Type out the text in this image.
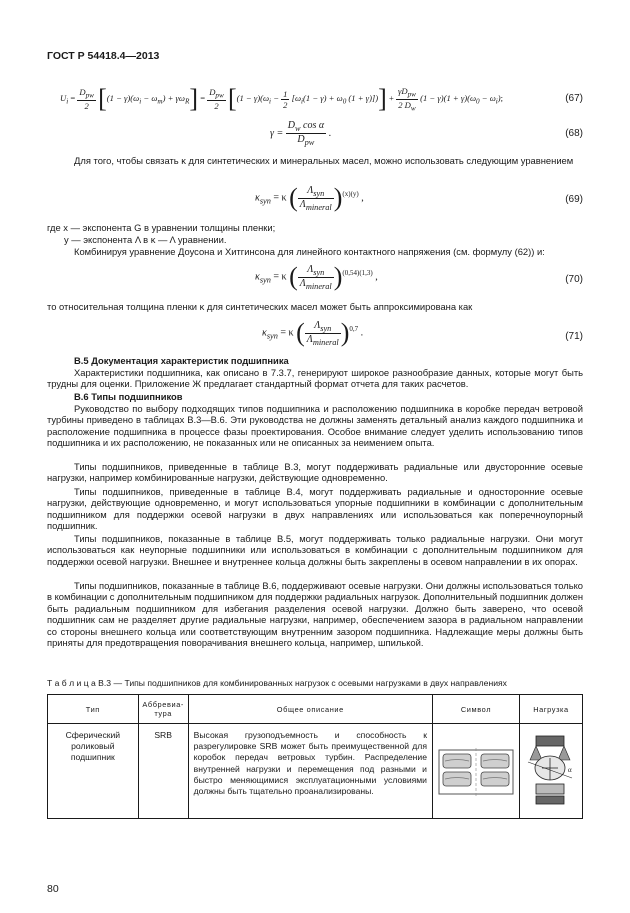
ГОСТ Р 54418.4—2013
$U_i = \frac{D_{pw}}{2} [(1 - \gamma)(\omega_i - \omega_m) + \gamma\omega_R] = \frac{D_{pw}}{2} [(1 - \gamma)(\omega_i - \frac{1}{2} [\omega_i(1 - \gamma) + \omega_0$ $(1 + \gamma)])] + \frac{\gamma D_{pw}}{2 D_w} (1 - \gamma)(1 + \gamma)(\omega_0 - \omega_i)$;	(67)
$\gamma = \frac{D_w \cos \alpha}{D_{pw}}$ .	(68)
Для того, чтобы связать κ для синтетических и минеральных масел, можно использовать следующим уравнением
$\kappa_{syn} = \kappa$ ( $\frac{\Lambda_{syn}}{\Lambda_{mineral}} )^{(x)(y)}$ ,	(69)
где x — экспонента G в уравнении толщины пленки;
y — экспонента Λ в κ — Λ уравнении.
Комбинируя уравнение Доусона и Хитгинсона для линейного контактного напряжения (см. формулу (62)) и:
$\kappa_{syn} = \kappa$ ( $\frac{\Lambda_{syn}}{\Lambda_{mineral}} )^{(0,54)(1,3)}$ ,	(70)
то относительная толщина пленки κ для синтетических масел может быть аппроксимирована как
$\kappa_{syn} = \kappa$ ( $\frac{\Lambda_{syn}}{\Lambda_{mineral}} )^{0,7}$ .	(71)
В.5 Документация характеристик подшипника
Характеристики подшипника, как описано в 7.3.7, генерируют широкое разнообразие данных, которые могут быть трудны для оценки. Приложение Ж предлагает стандартный формат отчета для таких расчетов.
В.6 Типы подшипников
Руководство по выбору подходящих типов подшипника и расположению подшипника в коробке передач ветровой турбины приведено в таблицах В.3—В.6. Эти руководства не должны заменять детальный анализ каждого подшипника и расположение подшипника в процессе фазы проектирования. Особое внимание следует уделить использованию типов подшипника и их расположению, не показанных или не описанных за неимением опыта.
Типы подшипников, приведенные в таблице В.3, могут поддерживать радиальные или двусторонние осевые нагрузки, например комбинированные нагрузки, действующие одновременно.
Типы подшипников, приведенные в таблице В.4, могут поддерживать радиальные и односторонние осевые нагрузки, действующие одновременно, и могут использоваться упорные подшипники в комбинации с дополнительным подшипником для поддержки осевой нагрузки в двух направлениях или использоваться как поперечноупорный подшипник.
Типы подшипников, показанные в таблице В.5, могут поддерживать только радиальные нагрузки. Они могут использоваться как неупорные подшипники или использоваться в комбинации с дополнительным подшипником для поддержки осевой нагрузки. Внешнее и внутреннее кольца должны быть закреплены в осевом направлении в их опорах.
Типы подшипников, показанные в таблице В.6, поддерживают осевые нагрузки. Они должны использоваться только в комбинации с дополнительным подшипником для поддержки радиальных нагрузок. Дополнительный подшипник должен быть радиальным подшипником для избегания разделения осевой нагрузки. Должно быть заверено, что осевой подшипник сам не разделяет другие радиальные нагрузки, например, обеспечением зазора в радиальном направлении со стороны внешнего кольца или соответствующим внутренним зазором подшипника. Надлежащие меры должны быть приняты для предотвращения поворачивания внешнего кольца, например, шпилькой.
Т а б л и ц а В.3 — Типы подшипников для комбинированных нагрузок с осевыми нагрузками в двух направлениях
Тип	Аббревиа-тура	Общее описание	Символ	Нагрузка
Сферический роликовый подшипник	SRB	Высокая грузоподъемность и способность к разрегулировке SRB может быть преимущественной для коробок передач ветровых турбин. Распределение внутренней нагрузки и перемещения под разными и быстро меняющимися эксплуатационными условиями должны быть тщательно проанализированы.		α
80
